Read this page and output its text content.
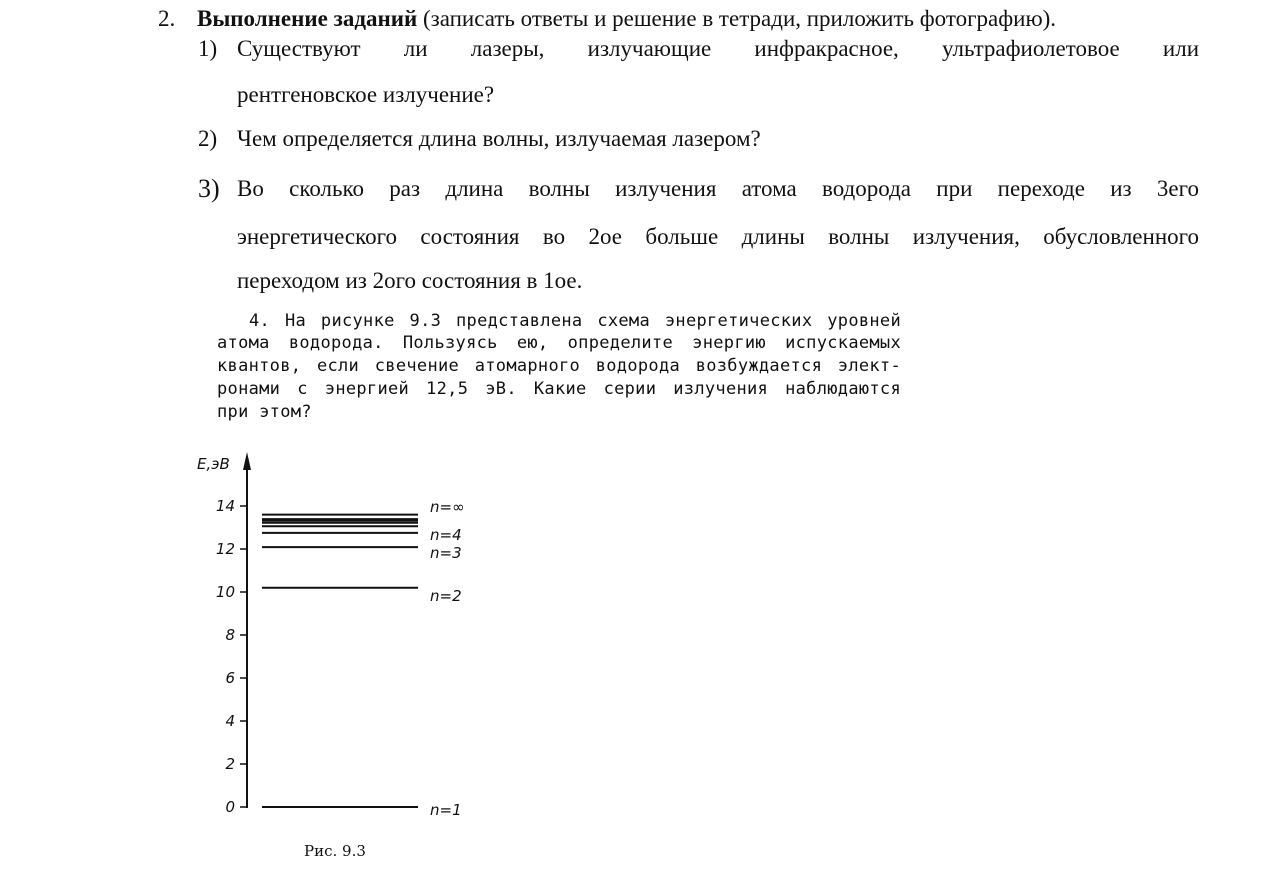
2. Выполнение заданий (записать ответы и решение в тетради, приложить фотографию).
1) Существуют ли лазеры, излучающие инфракрасное, ультрафиолетовое или
рентгеновское излучение?
2) Чем определяется длина волны, излучаемая лазером?
3) Во сколько раз длина волны излучения атома водорода при переходе из 3его
энергетического состояния во 2ое больше длины волны излучения, обусловленного
переходом из 2ого состояния в 1ое.
4. На рисунке 9.3 представлена схема энергетических уровней
атома водорода. Пользуясь ею, определите энергию испускаемых
квантов, если свечение атомарного водорода возбуждается элект-
ронами с энергией 12,5 эВ. Какие серии излучения наблюдаются
при этом?
E,эВ
0
2
4
6
8
10
12
14	n=∞
n=4
n=3
n=2
n=1
Рис. 9.3
